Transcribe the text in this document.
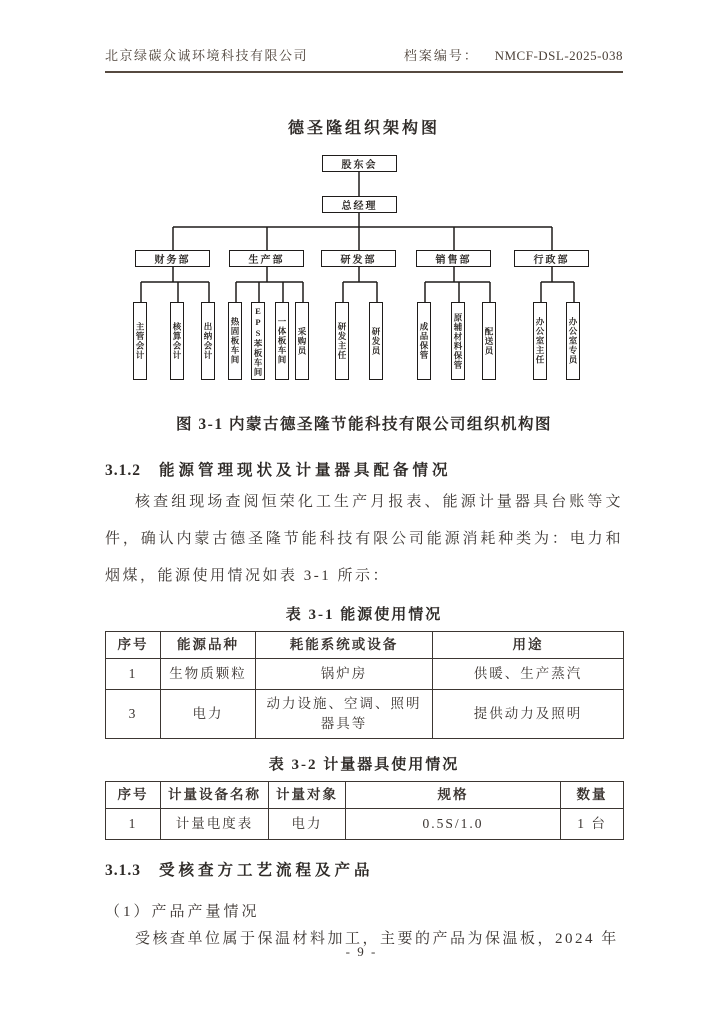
北京绿碳众诚环境科技有限公司	档案编号： NMCF-DSL-2025-038
德圣隆组织架构图
股东会
总经理
财务部	生产部	研发部	销售部	行政部
主管会计	核算会计 出纳会计 热固板车间 EPS苯板车间 一体板车间 采购员	研发主任	研发员	成品保管	原辅材料保管 配送员	办公室主任	办公室专员
图 3-1 内蒙古德圣隆节能科技有限公司组织机构图
3.1.2 能源管理现状及计量器具配备情况
核查组现场查阅恒荣化工生产月报表、能源计量器具台账等文件，确认内蒙古德圣隆节能科技有限公司能源消耗种类为：电力和烟煤，能源使用情况如表 3-1 所示：
表 3-1 能源使用情况
序号	能源品种	耗能系统或设备	用途
1	生物质颗粒	锅炉房	供暖、生产蒸汽
3	电力	动力设施、空调、照明器具等	提供动力及照明
表 3-2 计量器具使用情况
序号	计量设备名称	计量对象	规格	数量
1	计量电度表	电力	0.5S/1.0	1 台
3.1.3 受核查方工艺流程及产品
（1）产品产量情况
受核查单位属于保温材料加工，主要的产品为保温板，2024 年
- 9 -
